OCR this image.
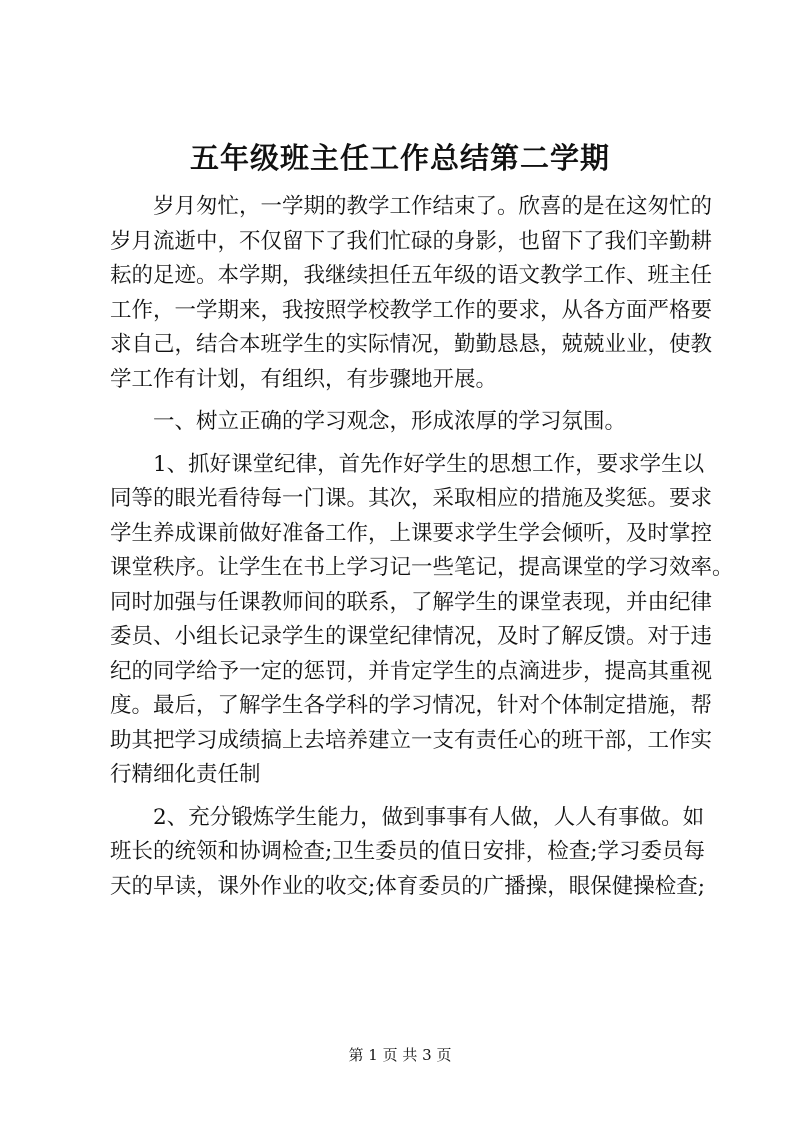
五年级班主任工作总结第二学期
岁月匆忙，一学期的教学工作结束了。欣喜的是在这匆忙的
岁月流逝中，不仅留下了我们忙碌的身影，也留下了我们辛勤耕
耘的足迹。本学期，我继续担任五年级的语文教学工作、班主任
工作，一学期来，我按照学校教学工作的要求，从各方面严格要
求自己，结合本班学生的实际情况，勤勤恳恳，兢兢业业，使教
学工作有计划，有组织，有步骤地开展。
一、树立正确的学习观念，形成浓厚的学习氛围。
1、抓好课堂纪律，首先作好学生的思想工作，要求学生以
同等的眼光看待每一门课。其次，采取相应的措施及奖惩。要求
学生养成课前做好准备工作，上课要求学生学会倾听，及时掌控
课堂秩序。让学生在书上学习记一些笔记，提高课堂的学习效率。
同时加强与任课教师间的联系，了解学生的课堂表现，并由纪律
委员、小组长记录学生的课堂纪律情况，及时了解反馈。对于违
纪的同学给予一定的惩罚，并肯定学生的点滴进步，提高其重视
度。最后，了解学生各学科的学习情况，针对个体制定措施，帮
助其把学习成绩搞上去培养建立一支有责任心的班干部，工作实
行精细化责任制
2、充分锻炼学生能力，做到事事有人做，人人有事做。如
班长的统领和协调检查;卫生委员的值日安排，检查;学习委员每
天的早读，课外作业的收交;体育委员的广播操，眼保健操检查;
第 1 页 共 3 页
